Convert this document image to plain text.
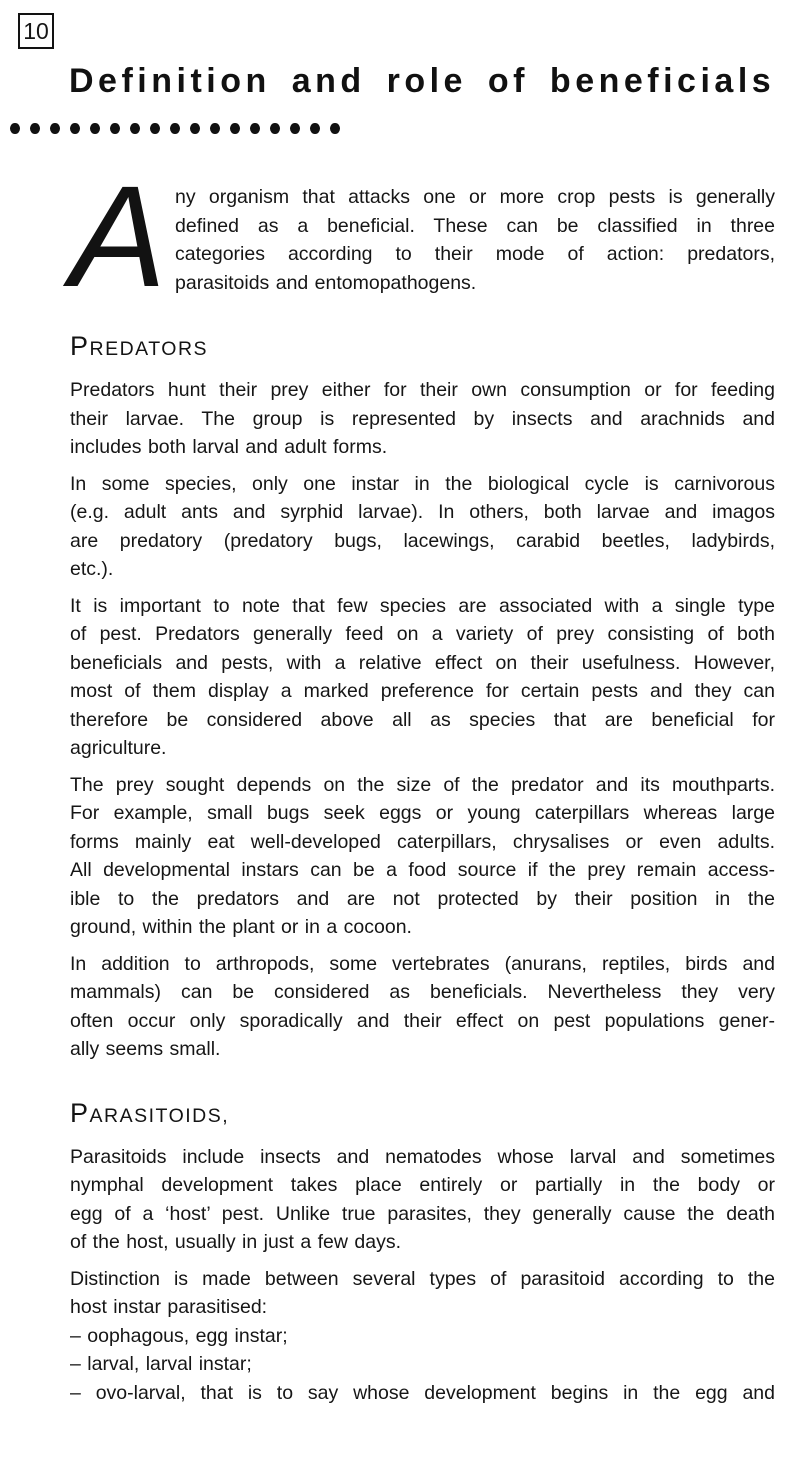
10
Definition and role of beneficials
A ny organism that attacks one or more crop pests is generally
defined as a beneficial. These can be classified in three
categories according to their mode of action: predators,
parasitoids and entomopathogens.
PREDATORS
Predators hunt their prey either for their own consumption or for feeding
their larvae. The group is represented by insects and arachnids and
includes both larval and adult forms.
In some species, only one instar in the biological cycle is carnivorous
(e.g. adult ants and syrphid larvae). In others, both larvae and imagos
are predatory (predatory bugs, lacewings, carabid beetles, ladybirds,
etc.).
It is important to note that few species are associated with a single type
of pest. Predators generally feed on a variety of prey consisting of both
beneficials and pests, with a relative effect on their usefulness. However,
most of them display a marked preference for certain pests and they can
therefore be considered above all as species that are beneficial for
agriculture.
The prey sought depends on the size of the predator and its mouthparts.
For example, small bugs seek eggs or young caterpillars whereas large
forms mainly eat well-developed caterpillars, chrysalises or even adults.
All developmental instars can be a food source if the prey remain access-
ible to the predators and are not protected by their position in the
ground, within the plant or in a cocoon.
In addition to arthropods, some vertebrates (anurans, reptiles, birds and
mammals) can be considered as beneficials. Nevertheless they very
often occur only sporadically and their effect on pest populations gener-
ally seems small.
PARASITOIDS,
Parasitoids include insects and nematodes whose larval and sometimes
nymphal development takes place entirely or partially in the body or
egg of a ‘host’ pest. Unlike true parasites, they generally cause the death
of the host, usually in just a few days.
Distinction is made between several types of parasitoid according to the
host instar parasitised:
– oophagous, egg instar;
– larval, larval instar;
– ovo-larval, that is to say whose development begins in the egg and
